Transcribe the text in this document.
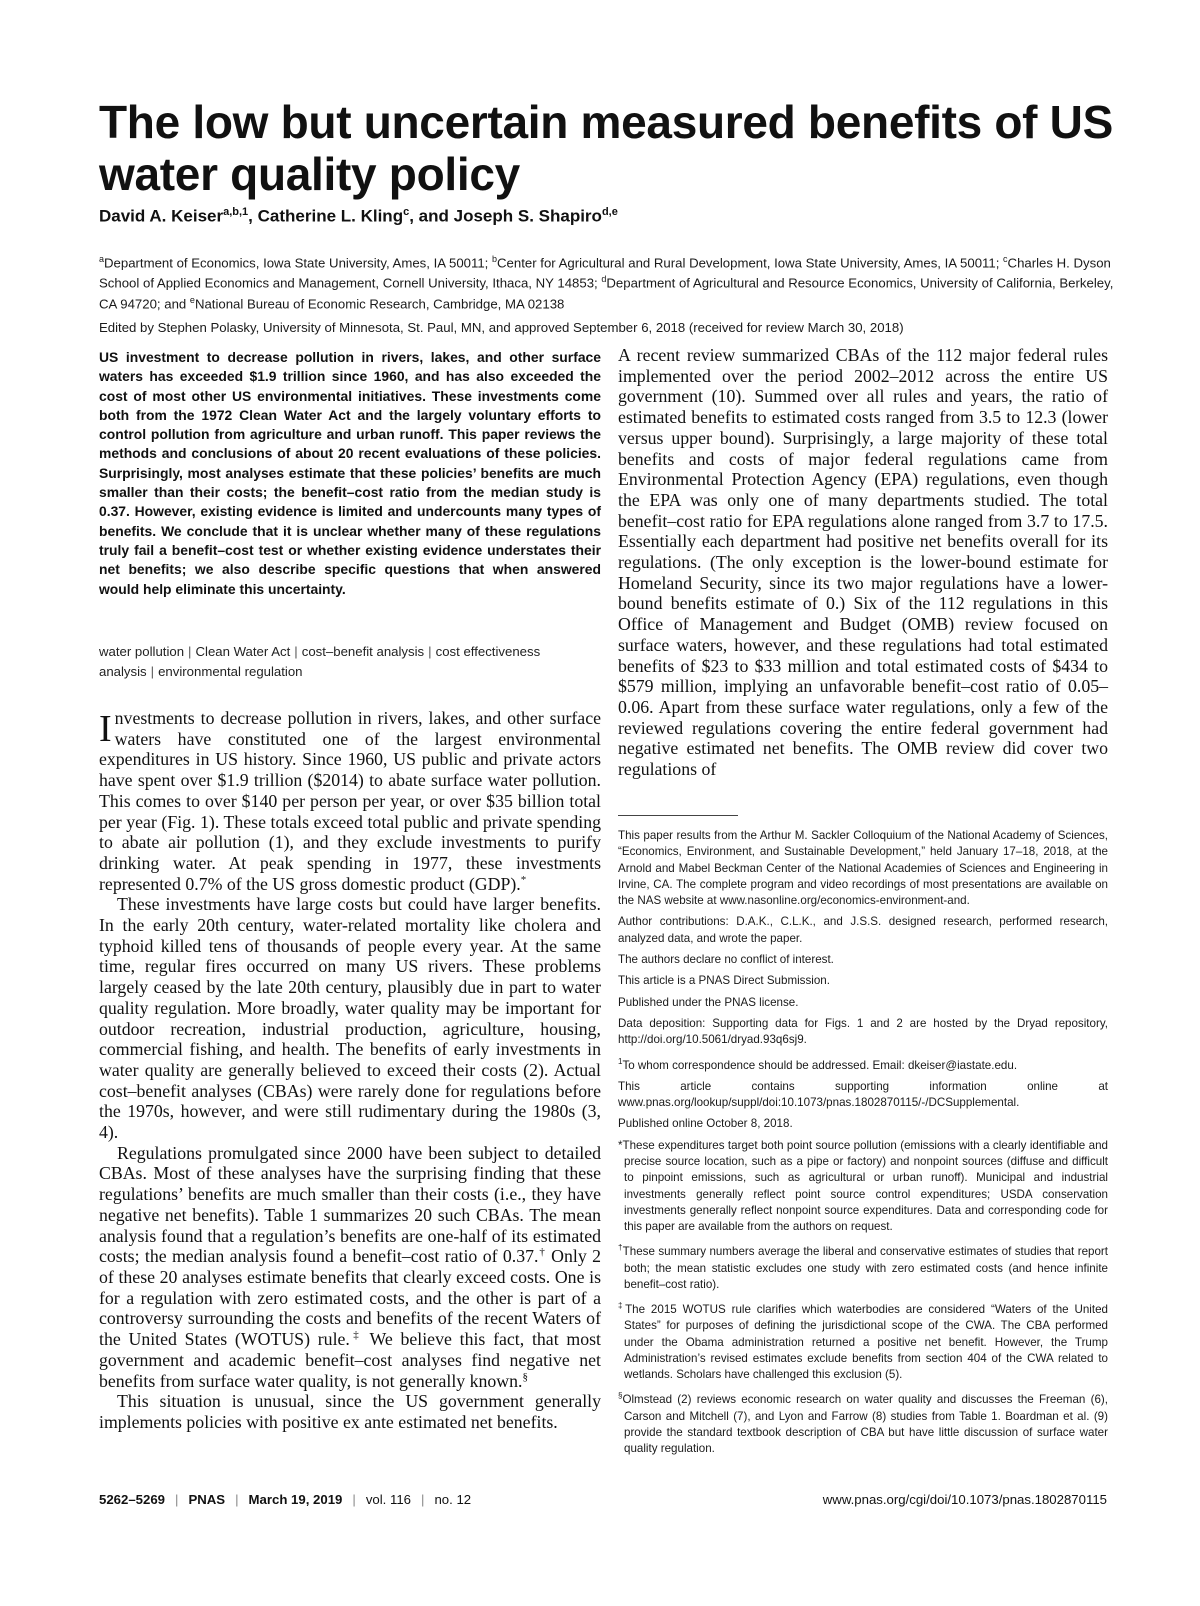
The low but uncertain measured benefits of US water quality policy
David A. Keiser$^{a,b,1}$, Catherine L. Kling$^c$, and Joseph S. Shapiro$^{d,e}$
$^a$Department of Economics, Iowa State University, Ames, IA 50011; $^b$Center for Agricultural and Rural Development, Iowa State University, Ames, IA 50011; $^c$Charles H. Dyson School of Applied Economics and Management, Cornell University, Ithaca, NY 14853; $^d$Department of Agricultural and Resource Economics, University of California, Berkeley, CA 94720; and $^e$National Bureau of Economic Research, Cambridge, MA 02138
Edited by Stephen Polasky, University of Minnesota, St. Paul, MN, and approved September 6, 2018 (received for review March 30, 2018)

US investment to decrease pollution in rivers, lakes, and other surface waters has exceeded $1.9 trillion since 1960, and has also exceeded the cost of most other US environmental initiatives. These investments come both from the 1972 Clean Water Act and the largely voluntary efforts to control pollution from agriculture and urban runoff. This paper reviews the methods and conclusions of about 20 recent evaluations of these policies. Surprisingly, most analyses estimate that these policies’ benefits are much smaller than their costs; the benefit–cost ratio from the median study is 0.37. However, existing evidence is limited and undercounts many types of benefits. We conclude that it is unclear whether many of these regulations truly fail a benefit–cost test or whether existing evidence understates their net benefits; we also describe specific questions that when answered would help eliminate this uncertainty.

water pollution | Clean Water Act | cost–benefit analysis | cost effectiveness analysis | environmental regulation

Investments to decrease pollution in rivers, lakes, and other surface waters have constituted one of the largest environmental expenditures in US history. Since 1960, US public and private actors have spent over $1.9 trillion ($2014) to abate surface water pollution. This comes to over $140 per person per year, or over $35 billion total per year (Fig. 1). These totals exceed total public and private spending to abate air pollution (1), and they exclude investments to purify drinking water. At peak spending in 1977, these investments represented 0.7% of the US gross domestic product (GDP).*

These investments have large costs but could have larger benefits. In the early 20th century, water-related mortality like cholera and typhoid killed tens of thousands of people every year. At the same time, regular fires occurred on many US rivers. These problems largely ceased by the late 20th century, plausibly due in part to water quality regulation. More broadly, water quality may be important for outdoor recreation, industrial production, agriculture, housing, commercial fishing, and health. The benefits of early investments in water quality are generally believed to exceed their costs (2). Actual cost–benefit analyses (CBAs) were rarely done for regulations before the 1970s, however, and were still rudimentary during the 1980s (3, 4).

Regulations promulgated since 2000 have been subject to detailed CBAs. Most of these analyses have the surprising finding that these regulations’ benefits are much smaller than their costs (i.e., they have negative net benefits). Table 1 summarizes 20 such CBAs. The mean analysis found that a regulation’s benefits are one-half of its estimated costs; the median analysis found a benefit–cost ratio of 0.37.† Only 2 of these 20 analyses estimate benefits that clearly exceed costs. One is for a regulation with zero estimated costs, and the other is part of a controversy surrounding the costs and benefits of the recent Waters of the United States (WOTUS) rule.‡ We believe this fact, that most government and academic benefit–cost analyses find negative net benefits from surface water quality, is not generally known.§

This situation is unusual, since the US government generally implements policies with positive ex ante estimated net benefits.

A recent review summarized CBAs of the 112 major federal rules implemented over the period 2002–2012 across the entire US government (10). Summed over all rules and years, the ratio of estimated benefits to estimated costs ranged from 3.5 to 12.3 (lower versus upper bound). Surprisingly, a large majority of these total benefits and costs of major federal regulations came from Environmental Protection Agency (EPA) regulations, even though the EPA was only one of many departments studied. The total benefit–cost ratio for EPA regulations alone ranged from 3.7 to 17.5. Essentially each department had positive net benefits overall for its regulations. (The only exception is the lower-bound estimate for Homeland Security, since its two major regulations have a lower-bound benefits estimate of 0.) Six of the 112 regulations in this Office of Management and Budget (OMB) review focused on surface waters, however, and these regulations had total estimated benefits of $23 to $33 million and total estimated costs of $434 to $579 million, implying an unfavorable benefit–cost ratio of 0.05–0.06. Apart from these surface water regulations, only a few of the reviewed regulations covering the entire federal government had negative estimated net benefits. The OMB review did cover two regulations of

This paper results from the Arthur M. Sackler Colloquium of the National Academy of Sciences, “Economics, Environment, and Sustainable Development,” held January 17–18, 2018, at the Arnold and Mabel Beckman Center of the National Academies of Sciences and Engineering in Irvine, CA. The complete program and video recordings of most presentations are available on the NAS website at www.nasonline.org/economics-environment-and.

Author contributions: D.A.K., C.L.K., and J.S.S. designed research, performed research, analyzed data, and wrote the paper.

The authors declare no conflict of interest.

This article is a PNAS Direct Submission.

Published under the PNAS license.

Data deposition: Supporting data for Figs. 1 and 2 are hosted by the Dryad repository, http://doi.org/10.5061/dryad.93q6sj9.

$^1$To whom correspondence should be addressed. Email: dkeiser@iastate.edu.

This article contains supporting information online at www.pnas.org/lookup/suppl/doi:10.1073/pnas.1802870115/-/DCSupplemental.

Published online October 8, 2018.

*These expenditures target both point source pollution (emissions with a clearly identifiable and precise source location, such as a pipe or factory) and nonpoint sources (diffuse and difficult to pinpoint emissions, such as agricultural or urban runoff). Municipal and industrial investments generally reflect point source control expenditures; USDA conservation investments generally reflect nonpoint source expenditures. Data and corresponding code for this paper are available from the authors on request.

†These summary numbers average the liberal and conservative estimates of studies that report both; the mean statistic excludes one study with zero estimated costs (and hence infinite benefit–cost ratio).

‡The 2015 WOTUS rule clarifies which waterbodies are considered “Waters of the United States” for purposes of defining the jurisdictional scope of the CWA. The CBA performed under the Obama administration returned a positive net benefit. However, the Trump Administration’s revised estimates exclude benefits from section 404 of the CWA related to wetlands. Scholars have challenged this exclusion (5).

§Olmstead (2) reviews economic research on water quality and discusses the Freeman (6), Carson and Mitchell (7), and Lyon and Farrow (8) studies from Table 1. Boardman et al. (9) provide the standard textbook description of CBA but have little discussion of surface water quality regulation.

5262–5269 | PNAS | March 19, 2019 | vol. 116 | no. 12	www.pnas.org/cgi/doi/10.1073/pnas.1802870115
